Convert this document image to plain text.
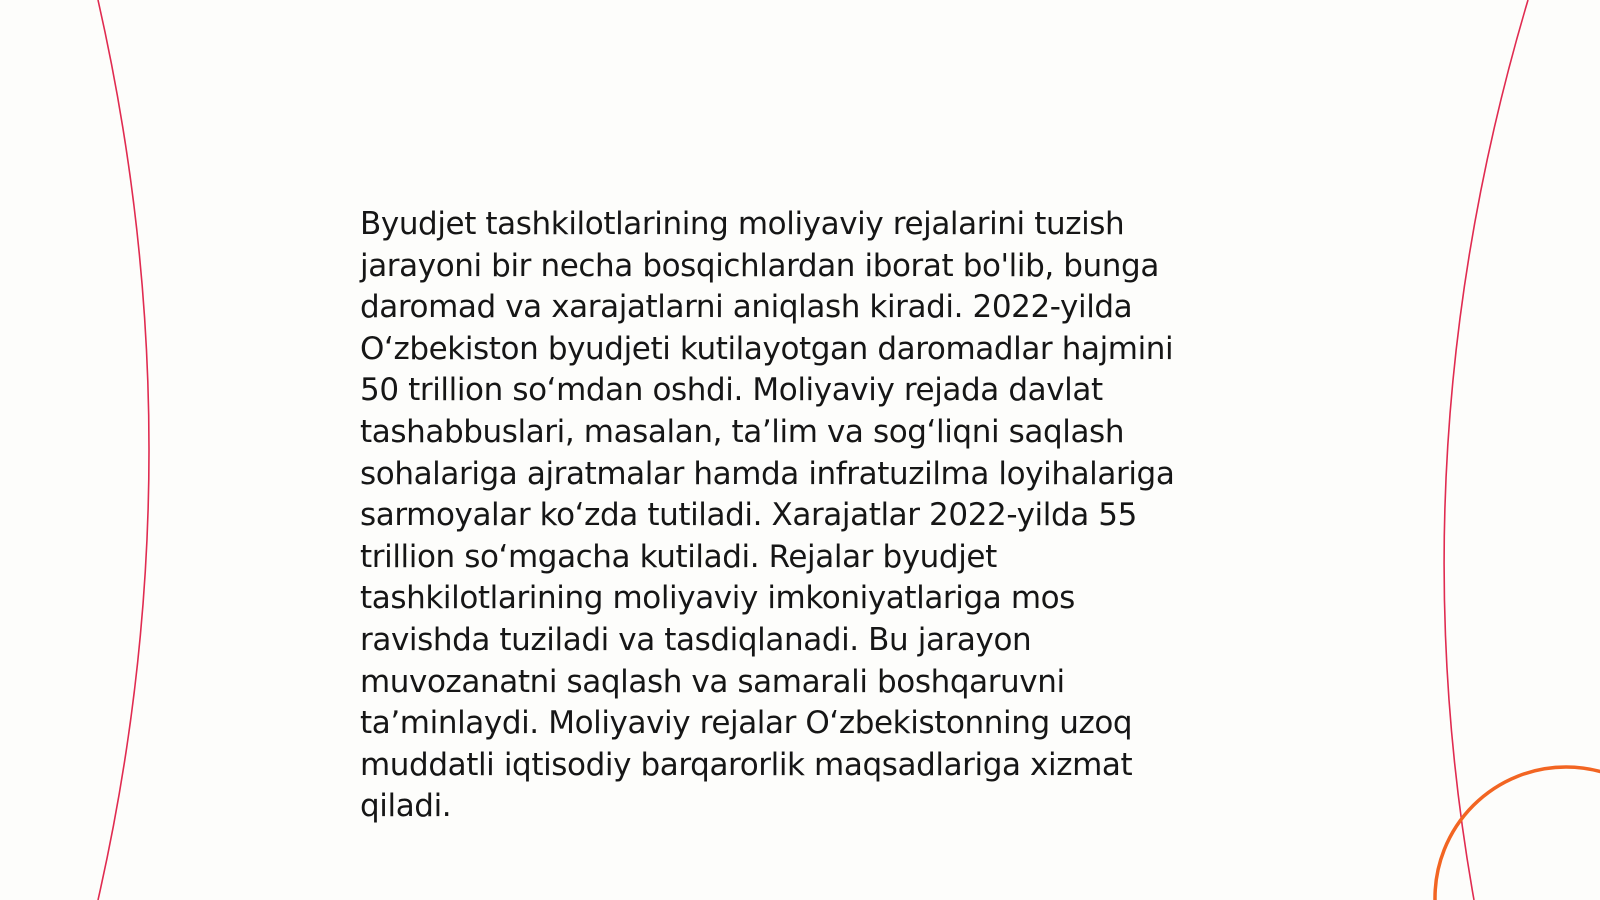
Byudjet tashkilotlarining moliyaviy rejalarini tuzish
jarayoni bir necha bosqichlardan iborat bo'lib, bunga
daromad va xarajatlarni aniqlash kiradi. 2022-yilda
O‘zbekiston byudjeti kutilayotgan daromadlar hajmini
50 trillion so‘mdan oshdi. Moliyaviy rejada davlat
tashabbuslari, masalan, ta’lim va sog‘liqni saqlash
sohalariga ajratmalar hamda infratuzilma loyihalariga
sarmoyalar ko‘zda tutiladi. Xarajatlar 2022-yilda 55
trillion so‘mgacha kutiladi. Rejalar byudjet
tashkilotlarining moliyaviy imkoniyatlariga mos
ravishda tuziladi va tasdiqlanadi. Bu jarayon
muvozanatni saqlash va samarali boshqaruvni
ta’minlaydi. Moliyaviy rejalar O‘zbekistonning uzoq
muddatli iqtisodiy barqarorlik maqsadlariga xizmat
qiladi.
